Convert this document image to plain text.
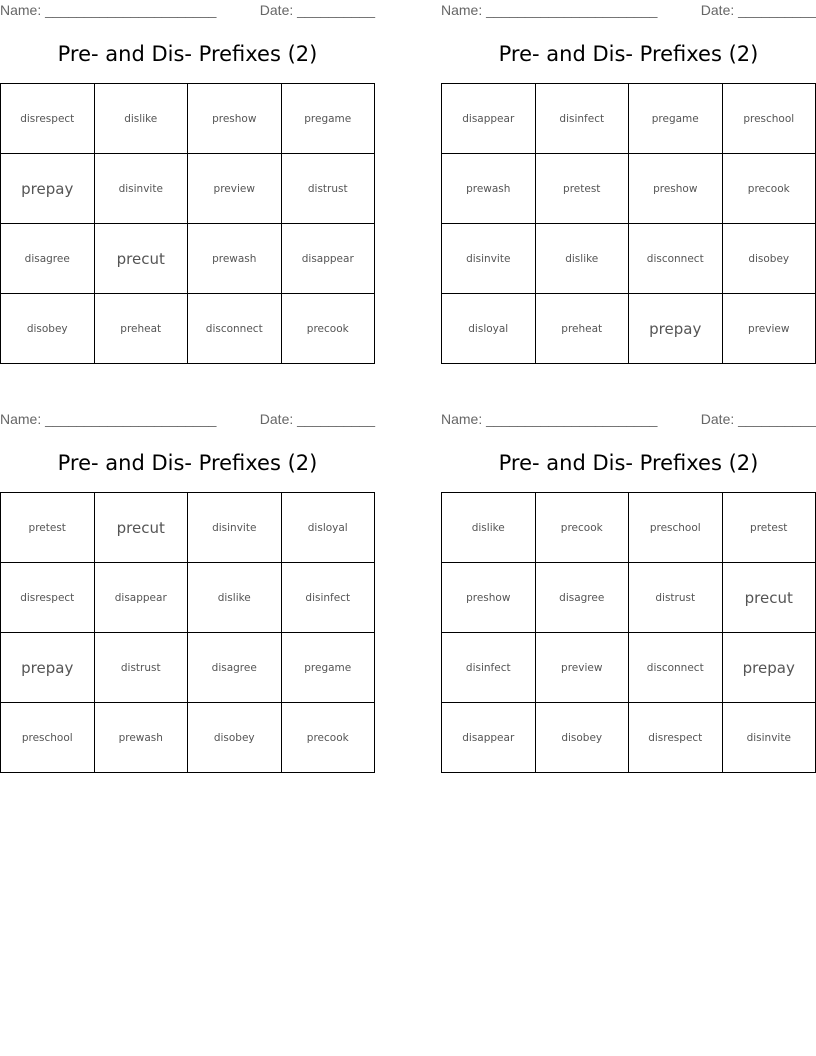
Name: ______________________	Date: __________
Pre- and Dis- Prefixes (2)
disrespect	dislike	preshow	pregame
prepay	disinvite	preview	distrust
disagree	precut	prewash	disappear
disobey	preheat	disconnect	precook
Name: ______________________	Date: __________
Pre- and Dis- Prefixes (2)
disappear	disinfect	pregame	preschool
prewash	pretest	preshow	precook
disinvite	dislike	disconnect	disobey
disloyal	preheat	prepay	preview
Name: ______________________	Date: __________
Pre- and Dis- Prefixes (2)
pretest	precut	disinvite	disloyal
disrespect	disappear	dislike	disinfect
prepay	distrust	disagree	pregame
preschool	prewash	disobey	precook
Name: ______________________	Date: __________
Pre- and Dis- Prefixes (2)
dislike	precook	preschool	pretest
preshow	disagree	distrust	precut
disinfect	preview	disconnect	prepay
disappear	disobey	disrespect	disinvite
